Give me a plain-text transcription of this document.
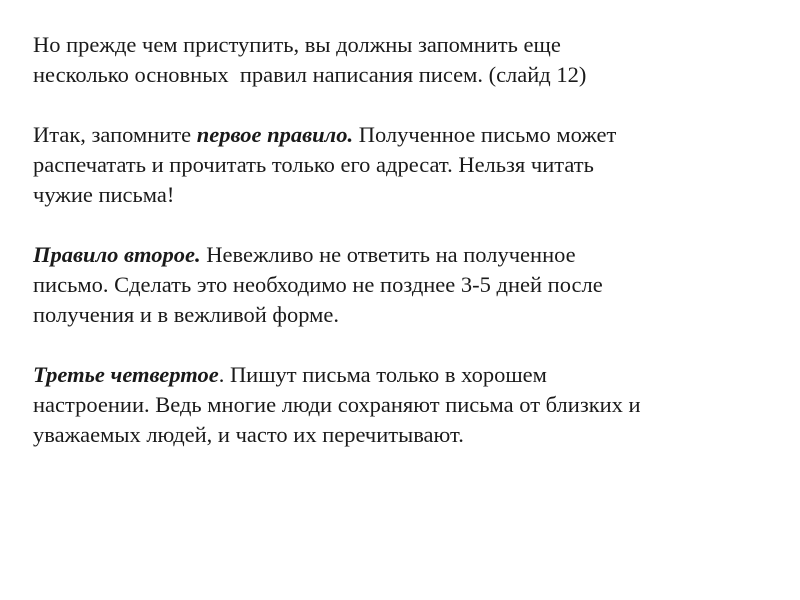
Но прежде чем приступить, вы должны запомнить еще
несколько основных  правил написания писем. (слайд 12)

Итак, запомните первое правило. Полученное письмо может
распечатать и прочитать только его адресат. Нельзя читать
чужие письма!

Правило второе. Невежливо не ответить на полученное
письмо. Сделать это необходимо не позднее 3-5 дней после
получения и в вежливой форме.

Третье четвертое. Пишут письма только в хорошем
настроении. Ведь многие люди сохраняют письма от близких и
уважаемых людей, и часто их перечитывают.
